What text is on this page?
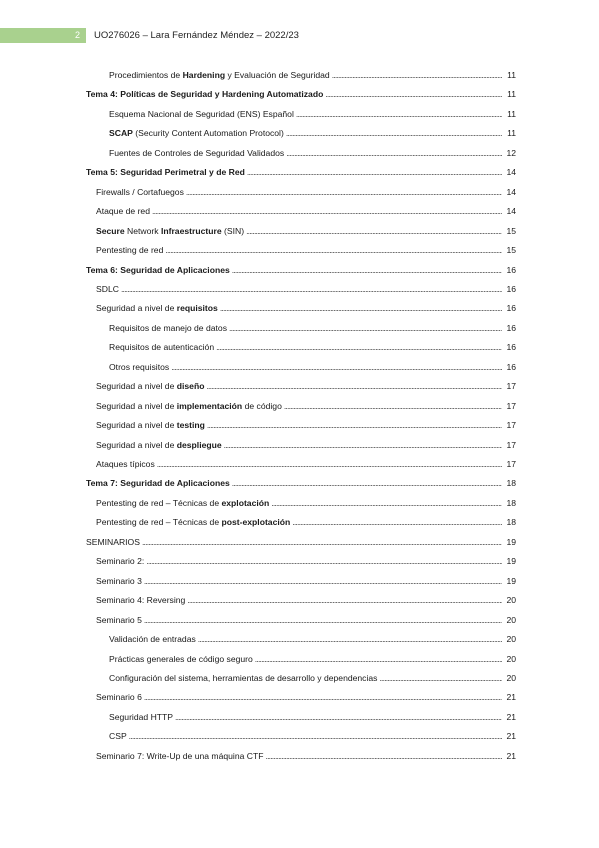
2	UO276026 – Lara Fernández Méndez – 2022/23
Procedimientos de Hardening y Evaluación de Seguridad . . .	11
Tema 4: Políticas de Seguridad y Hardening Automatizado . . .	11
Esquema Nacional de Seguridad (ENS) Español . . .	11
SCAP (Security Content Automation Protocol) . . .	11
Fuentes de Controles de Seguridad Validados . . .	12
Tema 5: Seguridad Perimetral y de Red . . .	14
Firewalls / Cortafuegos . . .	14
Ataque de red . . .	14
Secure Network Infraestructure (SIN) . . .	15
Pentesting de red . . .	15
Tema 6: Seguridad de Aplicaciones . . .	16
SDLC . . .	16
Seguridad a nivel de requisitos . . .	16
Requisitos de manejo de datos . . .	16
Requisitos de autenticación . . .	16
Otros requisitos . . .	16
Seguridad a nivel de diseño . . .	17
Seguridad a nivel de implementación de código . . .	17
Seguridad a nivel de testing . . .	17
Seguridad a nivel de despliegue . . .	17
Ataques típicos . . .	17
Tema 7: Seguridad de Aplicaciones . . .	18
Pentesting de red – Técnicas de explotación . . .	18
Pentesting de red – Técnicas de post-explotación . . .	18
SEMINARIOS . . .	19
Seminario 2: . . .	19
Seminario 3 . . .	19
Seminario 4: Reversing . . .	20
Seminario 5 . . .	20
Validación de entradas . . .	20
Prácticas generales de código seguro . . .	20
Configuración del sistema, herramientas de desarrollo y dependencias . . .	20
Seminario 6 . . .	21
Seguridad HTTP . . .	21
CSP . . .	21
Seminario 7: Write-Up de una máquina CTF . . .	21
